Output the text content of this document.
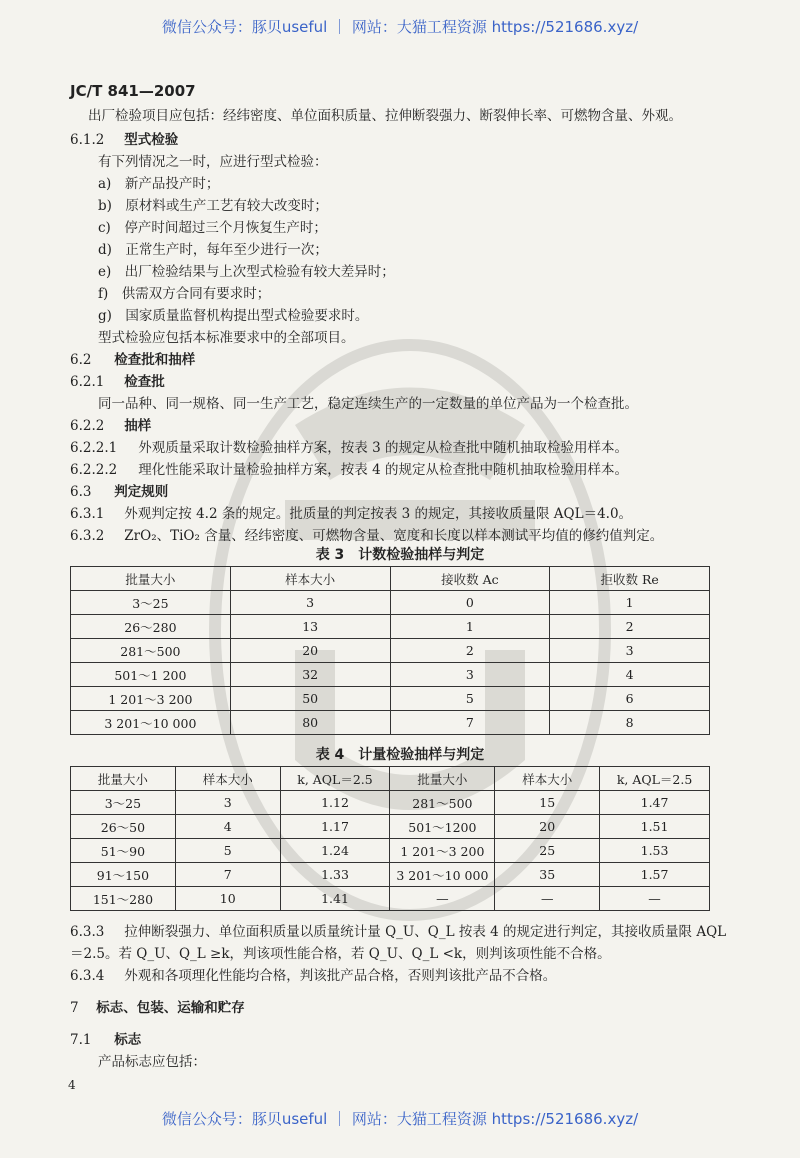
微信公众号：豚贝useful ｜ 网站：大猫工程资源 https://521686.xyz/
JC/T 841—2007
出厂检验项目应包括：经纬密度、单位面积质量、拉伸断裂强力、断裂伸长率、可燃物含量、外观。
6.1.2 型式检验
有下列情况之一时，应进行型式检验：
a)　新产品投产时；
b)　原材料或生产工艺有较大改变时；
c)　停产时间超过三个月恢复生产时；
d)　正常生产时，每年至少进行一次；
e)　出厂检验结果与上次型式检验有较大差异时；
f)　供需双方合同有要求时；
g)　国家质量监督机构提出型式检验要求时。
型式检验应包括本标准要求中的全部项目。
6.2 检查批和抽样
6.2.1 检查批
同一品种、同一规格、同一生产工艺，稳定连续生产的一定数量的单位产品为一个检查批。
6.2.2 抽样
6.2.2.1 外观质量采取计数检验抽样方案，按表 3 的规定从检查批中随机抽取检验用样本。
6.2.2.2 理化性能采取计量检验抽样方案，按表 4 的规定从检查批中随机抽取检验用样本。
6.3 判定规则
6.3.1 外观判定按 4.2 条的规定。批质量的判定按表 3 的规定，其接收质量限 AQL＝4.0。
6.3.2 ZrO₂、TiO₂ 含量、经纬密度、可燃物含量、宽度和长度以样本测试平均值的修约值判定。
表 3　计数检验抽样与判定
批量大小	样本大小	接收数 Ac	拒收数 Re
3～25	3	0	1
26～280	13	1	2
281～500	20	2	3
501～1 200	32	3	4
1 201～3 200	50	5	6
3 201～10 000	80	7	8
表 4　计量检验抽样与判定
批量大小	样本大小	k, AQL＝2.5	批量大小	样本大小	k, AQL＝2.5
3～25	3	1.12	281～500	15	1.47
26～50	4	1.17	501～1200	20	1.51
51～90	5	1.24	1 201～3 200	25	1.53
91～150	7	1.33	3 201～10 000	35	1.57
151～280	10	1.41	—	—	—
6.3.3 拉伸断裂强力、单位面积质量以质量统计量 Q_U、Q_L 按表 4 的规定进行判定，其接收质量限 AQL
＝2.5。若 Q_U、Q_L ≥k，判该项性能合格，若 Q_U、Q_L <k，则判该项性能不合格。
6.3.4 外观和各项理化性能均合格，判该批产品合格，否则判该批产品不合格。
7 标志、包装、运输和贮存
7.1 标志
产品标志应包括：
4
微信公众号：豚贝useful ｜ 网站：大猫工程资源 https://521686.xyz/
